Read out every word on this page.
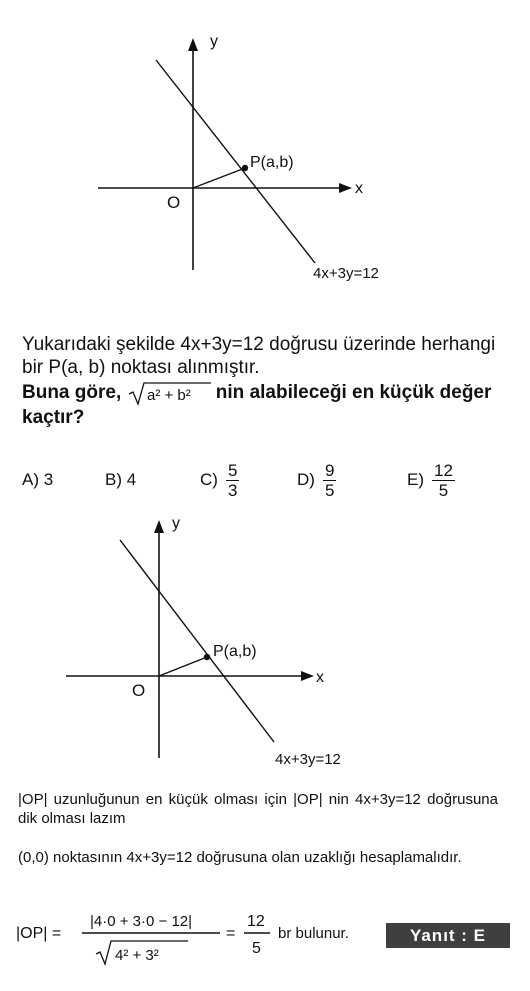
y
x
O
P(a,b)
4x+3y=12
Yukarıdaki şekilde 4x+3y=12 doğrusu üzerinde herhangi bir P(a, b) noktası alınmıştır.
Buna göre, a² + b² nin alabileceği en küçük değer kaçtır?
A) 3	B) 4	$C) \frac{5}{3}$	$D) \frac{9}{5}$	$E) \frac{12}{5}$
y
x
O
P(a,b)
4x+3y=12
|OP| uzunluğunun en küçük olması için |OP| nin 4x+3y=12 doğrusuna dik olması lazım
(0,0) noktasının 4x+3y=12 doğrusuna olan uzaklığı hesaplamalıdır.
|OP| =
|4·0 + 3·0 − 12|
4² + 3²
=
12
5
br bulunur.	Yanıt : E
